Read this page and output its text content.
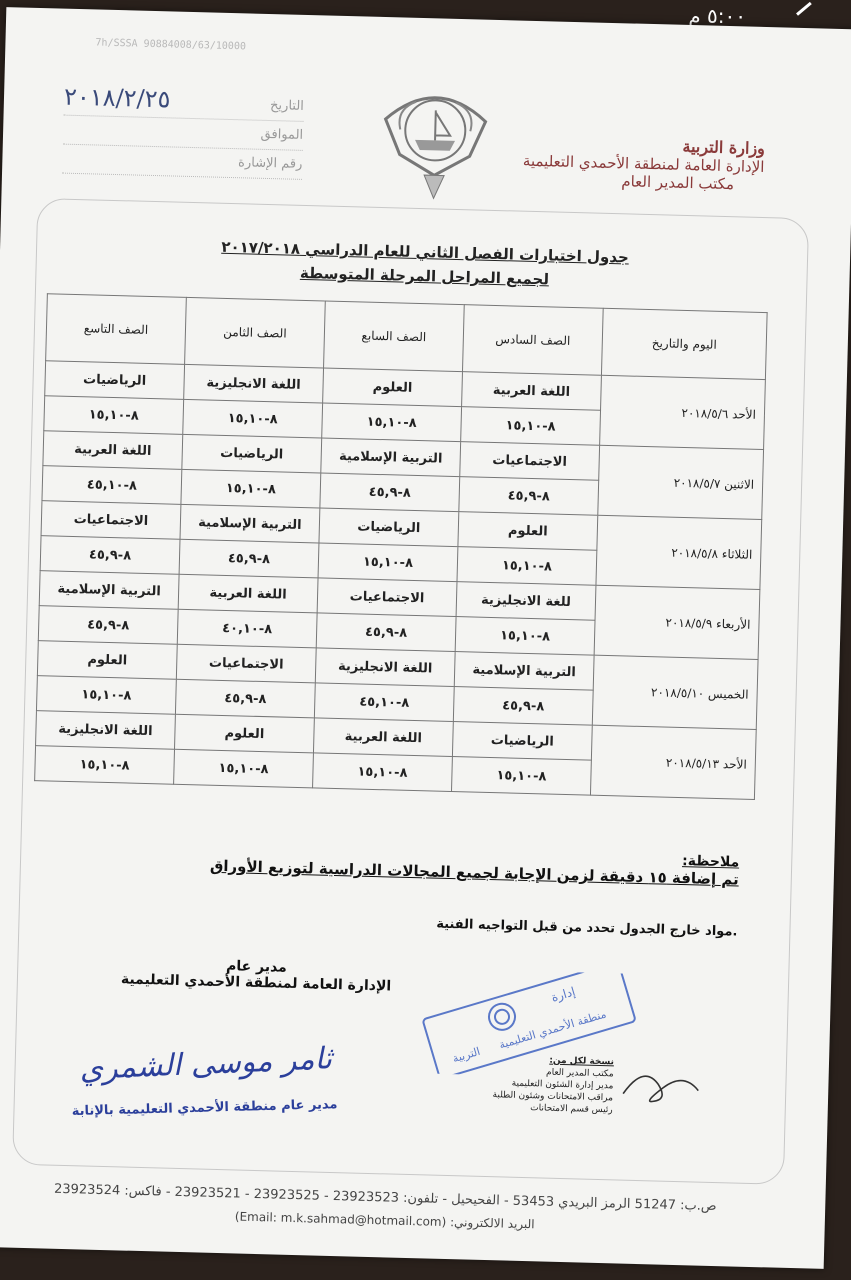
٥:٠٠ م
7h/SSSA 90884008/63/10000
التاريخ
٢٠١٨/٢/٢٥
الموافق
رقم الإشارة
وزارة التربية
الإدارة العامة لمنطقة الأحمدي التعليمية
مكتب المدير العام
جدول اختبارات الفصل الثاني للعام الدراسي ٢٠١٧/٢٠١٨
لجميع المراحل المرحلة المتوسطة
اليوم والتاريخ	الصف السادس	الصف السابع	الصف الثامن	الصف التاسع
الأحد ٢٠١٨/٥/٦	اللغة العربية	العلوم	اللغة الانجليزية	الرياضيات
	٨-١٥,١٠	٨-١٥,١٠	٨-١٥,١٠	٨-١٥,١٠
الاثنين ٢٠١٨/٥/٧	الاجتماعيات	التربية الإسلامية	الرياضيات	اللغة العربية
	٨-٤٥,٩	٨-٤٥,٩	٨-١٥,١٠	٨-٤٥,١٠
الثلاثاء ٢٠١٨/٥/٨	العلوم	الرياضيات	التربية الإسلامية	الاجتماعيات
	٨-١٥,١٠	٨-١٥,١٠	٨-٤٥,٩	٨-٤٥,٩
الأربعاء ٢٠١٨/٥/٩	للغة الانجليزية	الاجتماعيات	اللغة العربية	التربية الإسلامية
	٨-١٥,١٠	٨-٤٥,٩	٨-٤٠,١٠	٨-٤٥,٩
الخميس ٢٠١٨/٥/١٠	التربية الإسلامية	اللغة الانجليزية	الاجتماعيات	العلوم
	٨-٤٥,٩	٨-٤٥,١٠	٨-٤٥,٩	٨-١٥,١٠
الأحد ٢٠١٨/٥/١٣	الرياضيات	اللغة العربية	العلوم	اللغة الانجليزية
	٨-١٥,١٠	٨-١٥,١٠	٨-١٥,١٠	٨-١٥,١٠
ملاحظة:
تم إضافة ١٥ دقيقة لزمن الإجابة لجميع المجالات الدراسية لتوزيع الأوراق
.مواد خارج الجدول تحدد من قبل التواجيه الفنية
مدير عام
الإدارة العامة لمنطقة الأحمدي التعليمية
ثامر موسى الشمري
مدير عام منطقة الأحمدي التعليمية بالإنابة
إدارة
منطقة الأحمدي التعليمية
التربية	نسخة لكل من:
مكتب المدير العام
مدير إدارة الشئون التعليمية
مراقب الامتحانات وشئون الطلبة
رئيس قسم الامتحانات
ص.ب: 51247 الرمز البريدي 53453 - الفحيحيل - تلفون: 23923523 - 23923525 - 23923521 - فاكس: 23923524
البريد الالكتروني: (Email: m.k.sahmad@hotmail.com)
